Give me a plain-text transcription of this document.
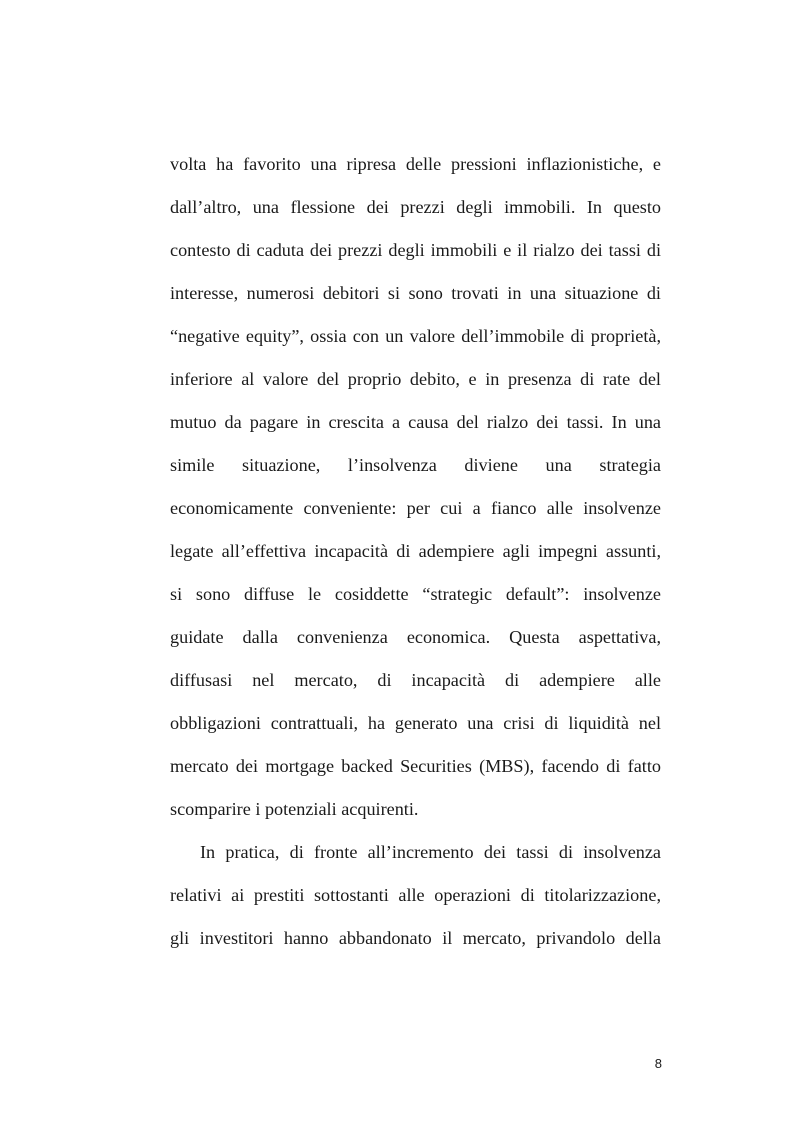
volta ha favorito una ripresa delle pressioni inflazionistiche, e
dall’altro, una flessione dei prezzi degli immobili. In questo
contesto di caduta dei prezzi degli immobili e il rialzo dei tassi di
interesse, numerosi debitori si sono trovati in una situazione di
“negative equity”, ossia con un valore dell’immobile di proprietà,
inferiore al valore del proprio debito, e in presenza di rate del
mutuo da pagare in crescita a causa del rialzo dei tassi. In una
simile situazione, l’insolvenza diviene una strategia
economicamente conveniente: per cui a fianco alle insolvenze
legate all’effettiva incapacità di adempiere agli impegni assunti,
si sono diffuse le cosiddette “strategic default”: insolvenze
guidate dalla convenienza economica. Questa aspettativa,
diffusasi nel mercato, di incapacità di adempiere alle
obbligazioni contrattuali, ha generato una crisi di liquidità nel
mercato dei mortgage backed Securities (MBS), facendo di fatto
scomparire i potenziali acquirenti.
In pratica, di fronte all’incremento dei tassi di insolvenza
relativi ai prestiti sottostanti alle operazioni di titolarizzazione,
gli investitori hanno abbandonato il mercato, privandolo della
8
